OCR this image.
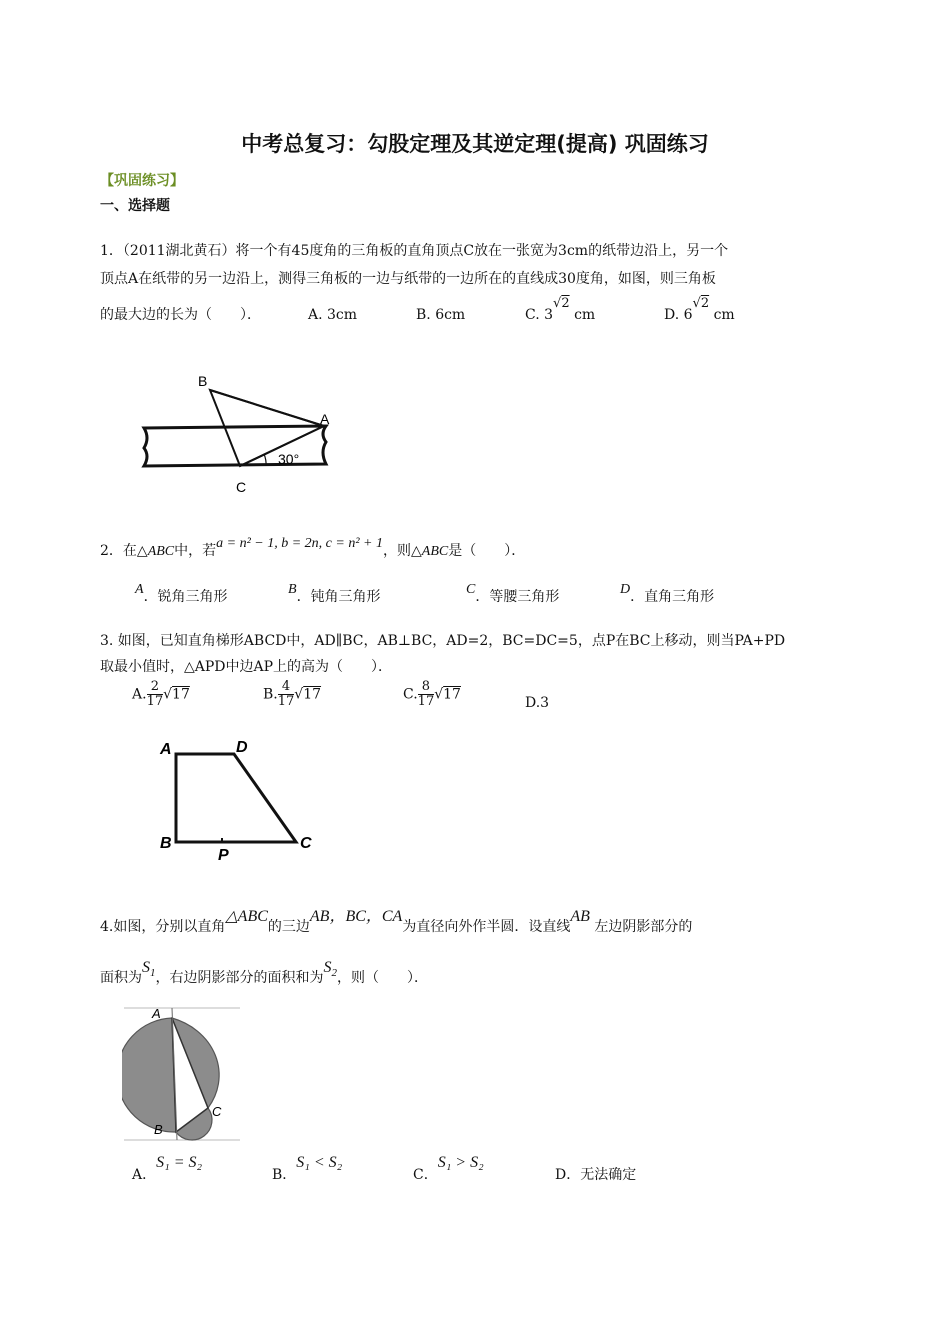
中考总复习：勾股定理及其逆定理(提高) 巩固练习
【巩固练习】
一、选择题
1．（2011湖北黄石）将一个有45度角的三角板的直角顶点C放在一张宽为3cm的纸带边沿上，另一个
顶点A在纸带的另一边沿上，测得三角板的一边与纸带的一边所在的直线成30度角，如图，则三角板
的最大边的长为（　　）．	A. 3cm	B. 6cm	C. 3√2 cm	D. 6√2 cm
B
A
C
30°
2．在△ABC中，若a = n² − 1, b = 2n, c = n² + 1，则△ABC是（　　）．
A．锐角三角形	B．钝角三角形	C．等腰三角形	D．直角三角形
3. 如图，已知直角梯形ABCD中，AD∥BC，AB⊥BC，AD=2，BC=DC=5，点P在BC上移动，则当PA+PD
取最小值时，△APD中边AP上的高为（　　）．
A. $\frac{2}{17} √17$	B. $\frac{4}{17} √17$	C. $\frac{8}{17} √17$
D.3
A	D
B	C
P
4.如图，分别以直角△ABC的三边AB，BC，CA为直径向外作半圆．设直线AB 左边阴影部分的
面积为$S_1$，右边阴影部分的面积和为$S_2$，则（　　）．
A
B
C
A．S₁ = S₂
B．S₁ < S₂
C．S₁ > S₂
D．无法确定
